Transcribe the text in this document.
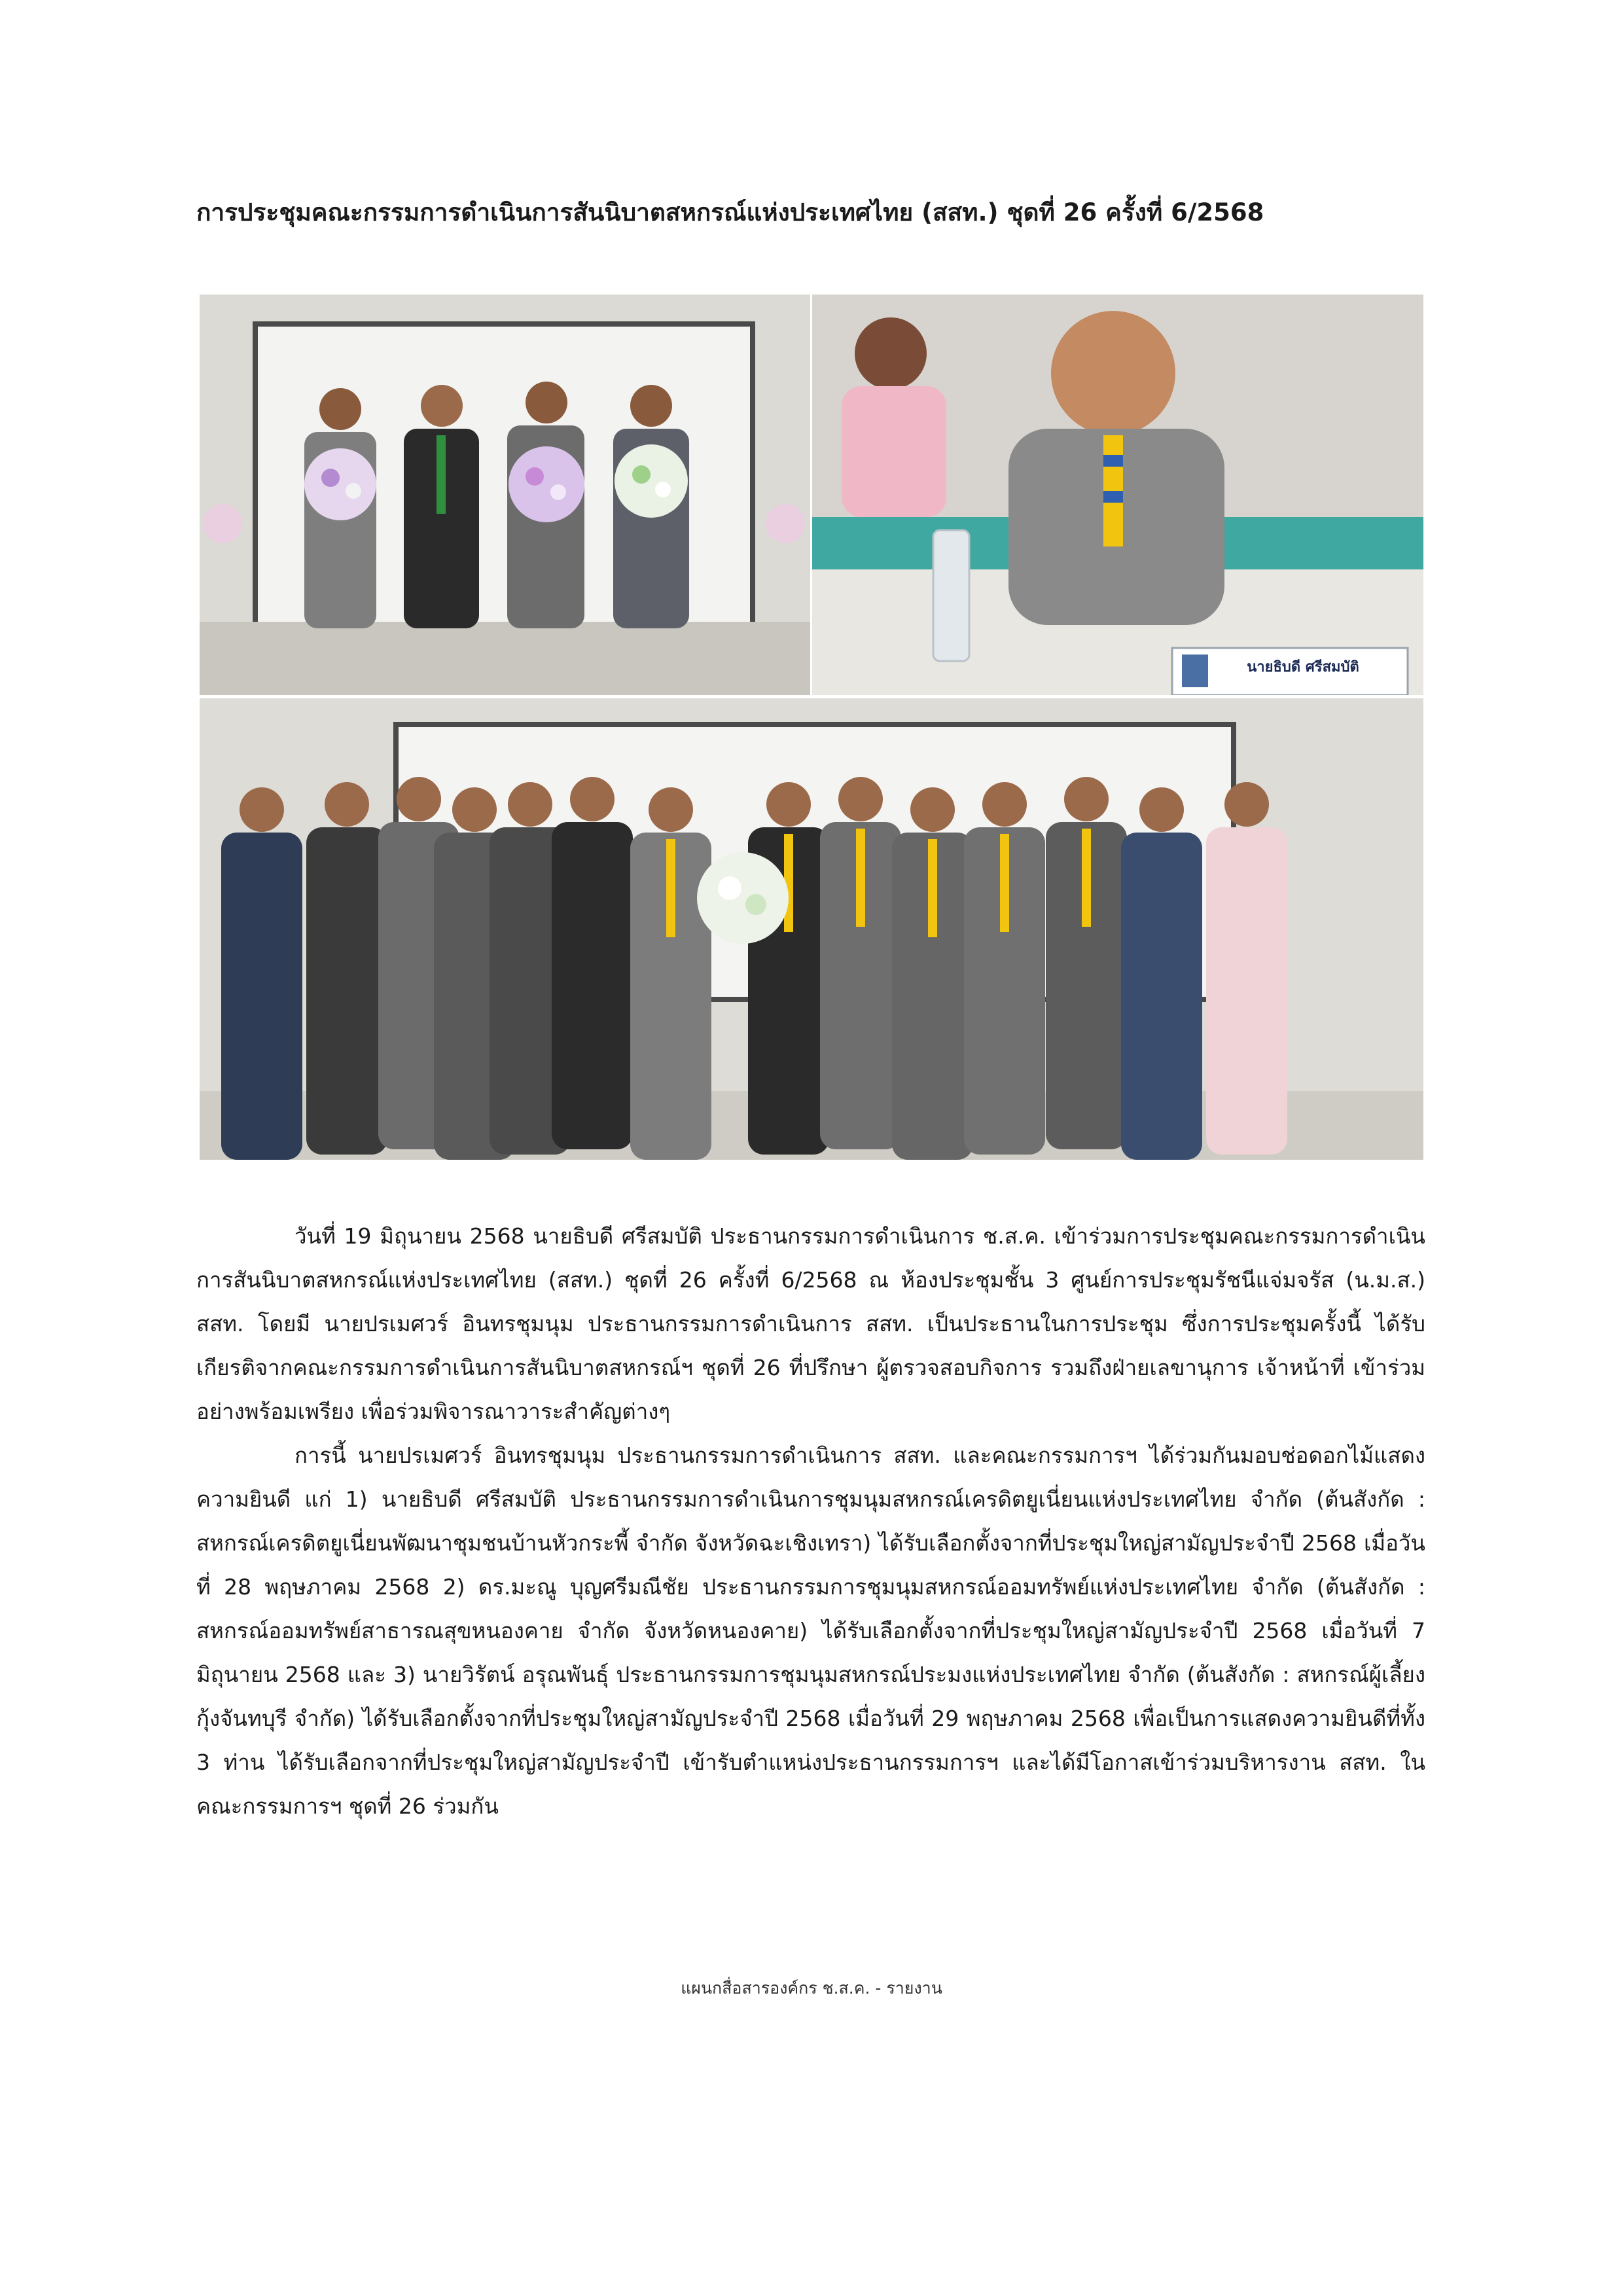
การประชุมคณะกรรมการดำเนินการสันนิบาตสหกรณ์แห่งประเทศไทย (สสท.) ชุดที่ 26 ครั้งที่ 6/2568
นายธิบดี ศรีสมบัติ

วันที่ 19 มิถุนายน 2568 นายธิบดี ศรีสมบัติ ประธานกรรมการดำเนินการ ช.ส.ค. เข้าร่วมการประชุมคณะกรรมการดำเนินการสันนิบาตสหกรณ์แห่งประเทศไทย (สสท.) ชุดที่ 26 ครั้งที่ 6/2568 ณ ห้องประชุมชั้น 3 ศูนย์การประชุมรัชนีแจ่มจรัส (น.ม.ส.) สสท. โดยมี นายปรเมศวร์ อินทรชุมนุม ประธานกรรมการดำเนินการ สสท. เป็นประธานในการประชุม ซึ่งการประชุมครั้งนี้ ได้รับเกียรติจากคณะกรรมการดำเนินการสันนิบาตสหกรณ์ฯ ชุดที่ 26 ที่ปรึกษา ผู้ตรวจสอบกิจการ รวมถึงฝ่ายเลขานุการ เจ้าหน้าที่ เข้าร่วมอย่างพร้อมเพรียง เพื่อร่วมพิจารณาวาระสำคัญต่างๆ

การนี้ นายปรเมศวร์ อินทรชุมนุม ประธานกรรมการดำเนินการ สสท. และคณะกรรมการฯ ได้ร่วมกันมอบช่อดอกไม้แสดงความยินดี แก่ 1) นายธิบดี ศรีสมบัติ ประธานกรรมการดำเนินการชุมนุมสหกรณ์เครดิตยูเนี่ยนแห่งประเทศไทย จำกัด (ต้นสังกัด : สหกรณ์เครดิตยูเนี่ยนพัฒนาชุมชนบ้านหัวกระพี้ จำกัด จังหวัดฉะเชิงเทรา) ได้รับเลือกตั้งจากที่ประชุมใหญ่สามัญประจำปี 2568 เมื่อวันที่ 28 พฤษภาคม 2568 2) ดร.มะณู บุญศรีมณีชัย ประธานกรรมการชุมนุมสหกรณ์ออมทรัพย์แห่งประเทศไทย จำกัด (ต้นสังกัด : สหกรณ์ออมทรัพย์สาธารณสุขหนองคาย จำกัด จังหวัดหนองคาย) ได้รับเลือกตั้งจากที่ประชุมใหญ่สามัญประจำปี 2568 เมื่อวันที่ 7 มิถุนายน 2568 และ 3) นายวิรัตน์ อรุณพันธุ์ ประธานกรรมการชุมนุมสหกรณ์ประมงแห่งประเทศไทย จำกัด (ต้นสังกัด : สหกรณ์ผู้เลี้ยงกุ้งจันทบุรี จำกัด) ได้รับเลือกตั้งจากที่ประชุมใหญ่สามัญประจำปี 2568 เมื่อวันที่ 29 พฤษภาคม 2568 เพื่อเป็นการแสดงความยินดีที่ทั้ง 3 ท่าน ได้รับเลือกจากที่ประชุมใหญ่สามัญประจำปี เข้ารับตำแหน่งประธานกรรมการฯ และได้มีโอกาสเข้าร่วมบริหารงาน สสท. ในคณะกรรมการฯ ชุดที่ 26 ร่วมกัน

แผนกสื่อสารองค์กร ช.ส.ค. - รายงาน
